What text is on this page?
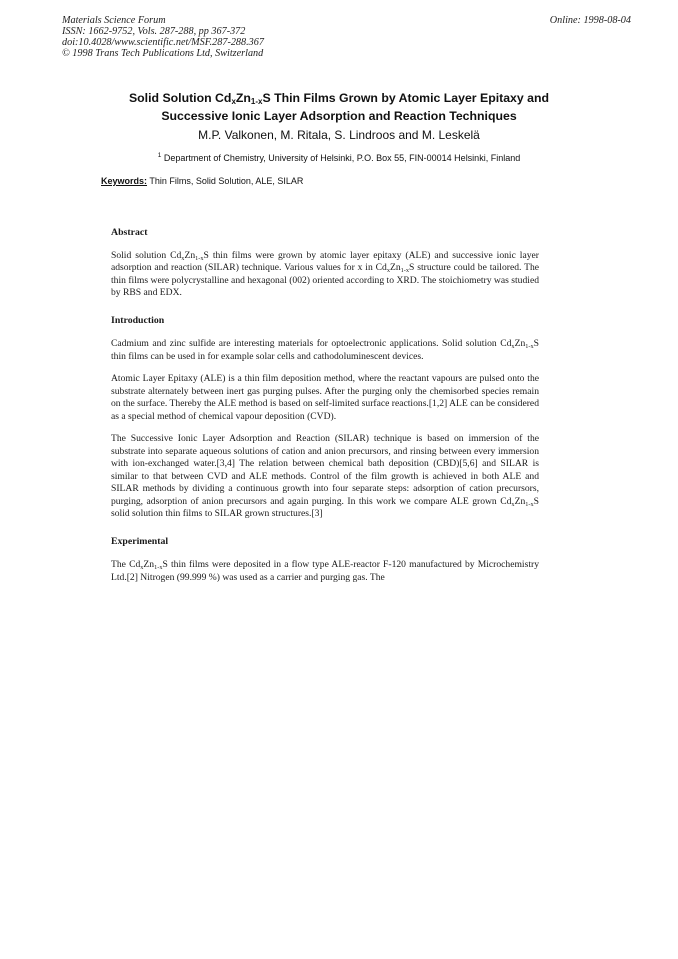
Materials Science Forum
ISSN: 1662-9752, Vols. 287-288, pp 367-372
doi:10.4028/www.scientific.net/MSF.287-288.367
© 1998 Trans Tech Publications Ltd, Switzerland
Online: 1998-08-04
Solid Solution $Cd_xZn_{1-x}S$ Thin Films Grown by Atomic Layer Epitaxy and
Successive Ionic Layer Adsorption and Reaction Techniques
M.P. Valkonen, M. Ritala, S. Lindroos and M. Leskelä
$^1$ Department of Chemistry, University of Helsinki, P.O. Box 55, FIN-00014 Helsinki, Finland
Keywords: Thin Films, Solid Solution, ALE, SILAR
Abstract

Solid solution $Cd_xZn_{1-x}S$ thin films were grown by atomic layer epitaxy (ALE) and successive ionic layer adsorption and reaction (SILAR) technique. Various values for x in $Cd_xZn_{1-x}S$ structure could be tailored. The thin films were polycrystalline and hexagonal (002) oriented according to XRD. The stoichiometry was studied by RBS and EDX.

Introduction

Cadmium and zinc sulfide are interesting materials for optoelectronic applications. Solid solution $Cd_xZn_{1-x}S$ thin films can be used in for example solar cells and cathodoluminescent devices.

Atomic Layer Epitaxy (ALE) is a thin film deposition method, where the reactant vapours are pulsed onto the substrate alternately between inert gas purging pulses. After the purging only the chemisorbed species remain on the surface. Thereby the ALE method is based on self-limited surface reactions.[1,2] ALE can be considered as a special method of chemical vapour deposition (CVD).

The Successive Ionic Layer Adsorption and Reaction (SILAR) technique is based on immersion of the substrate into separate aqueous solutions of cation and anion precursors, and rinsing between every immersion with ion-exchanged water.[3,4] The relation between chemical bath deposition (CBD)[5,6] and SILAR is similar to that between CVD and ALE methods. Control of the film growth is achieved in both ALE and SILAR methods by dividing a continuous growth into four separate steps: adsorption of cation precursors, purging, adsorption of anion precursors and again purging. In this work we compare ALE grown $Cd_xZn_{1-x}S$ solid solution thin films to SILAR grown structures.[3]

Experimental

The $Cd_xZn_{1-x}S$ thin films were deposited in a flow type ALE-reactor F-120 manufactured by Microchemistry Ltd.[2] Nitrogen (99.999 %) was used as a carrier and purging gas. The
